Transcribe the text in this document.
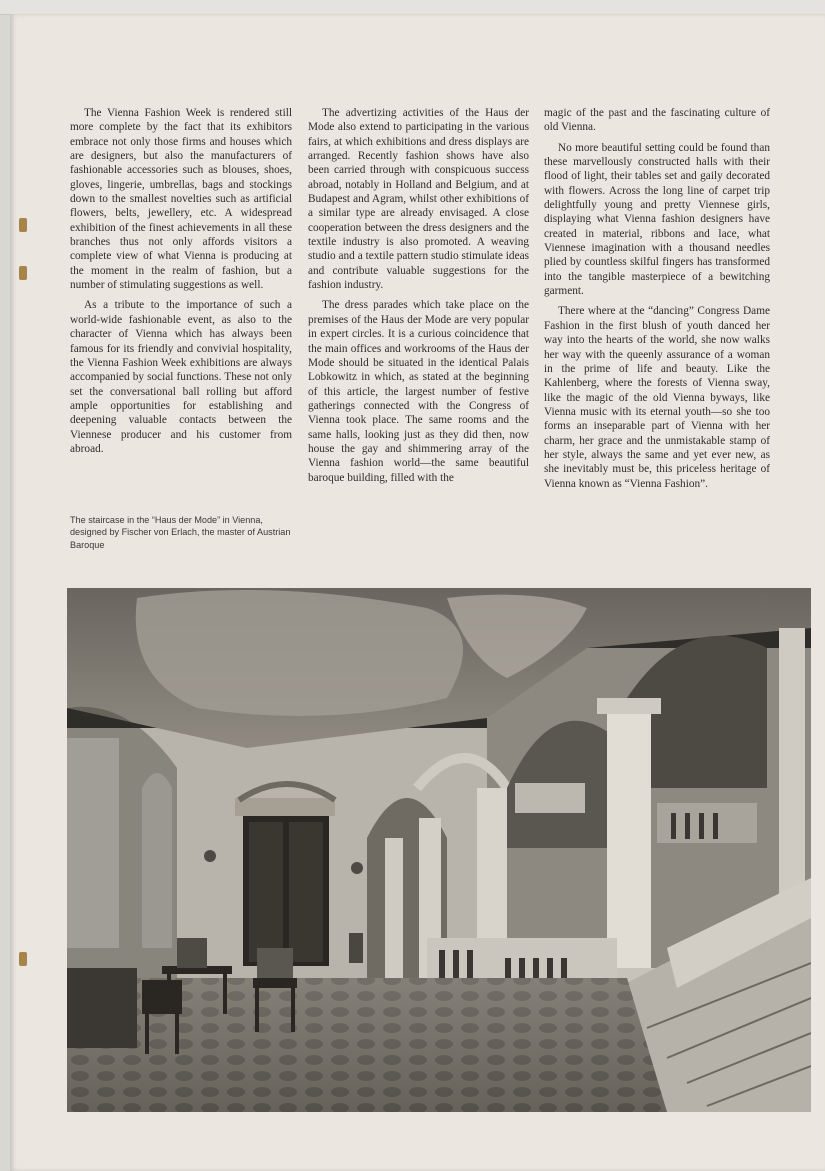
The Vienna Fashion Week is rendered still more complete by the fact that its exhibitors embrace not only those firms and houses which are designers, but also the manufacturers of fashionable accessories such as blouses, shoes, gloves, lingerie, umbrellas, bags and stockings down to the smallest novelties such as artificial flowers, belts, jewellery, etc. A widespread exhibition of the finest achievements in all these branches thus not only affords visitors a complete view of what Vienna is producing at the moment in the realm of fashion, but a number of stimulating suggestions as well.

As a tribute to the importance of such a world-wide fashionable event, as also to the character of Vienna which has always been famous for its friendly and convivial hospitality, the Vienna Fashion Week exhibitions are always accompanied by social functions. These not only set the conversational ball rolling but afford ample opportunities for establishing and deepening valuable contacts between the Viennese producer and his customer from abroad.

The staircase in the “Haus der Mode” in Vienna, designed by Fischer von Erlach, the master of Austrian Baroque

The advertizing activities of the Haus der Mode also extend to participating in the various fairs, at which exhibitions and dress displays are arranged. Recently fashion shows have also been carried through with conspicuous success abroad, notably in Holland and Belgium, and at Budapest and Agram, whilst other exhibitions of a similar type are already envisaged. A close cooperation between the dress designers and the textile industry is also promoted. A weaving studio and a textile pattern studio stimulate ideas and contribute valuable suggestions for the fashion industry.

The dress parades which take place on the premises of the Haus der Mode are very popular in expert circles. It is a curious coincidence that the main offices and workrooms of the Haus der Mode should be situated in the identical Palais Lobkowitz in which, as stated at the beginning of this article, the largest number of festive gatherings connected with the Congress of Vienna took place. The same rooms and the same halls, looking just as they did then, now house the gay and shimmering array of the Vienna fashion world—the same beautiful baroque building, filled with the

magic of the past and the fascinating culture of old Vienna.

No more beautiful setting could be found than these marvellously constructed halls with their flood of light, their tables set and gaily decorated with flowers. Across the long line of carpet trip delightfully young and pretty Viennese girls, displaying what Vienna fashion designers have created in material, ribbons and lace, what Viennese imagination with a thousand needles plied by countless skilful fingers has transformed into the tangible masterpiece of a bewitching garment.

There where at the “dancing” Congress Dame Fashion in the first blush of youth danced her way into the hearts of the world, she now walks her way with the queenly assurance of a woman in the prime of life and beauty. Like the Kahlenberg, where the forests of Vienna sway, like the magic of the old Vienna byways, like Vienna music with its eternal youth—so she too forms an inseparable part of Vienna with her charm, her grace and the unmistakable stamp of her style, always the same and yet ever new, as she inevitably must be, this priceless heritage of Vienna known as “Vienna Fashion”.
